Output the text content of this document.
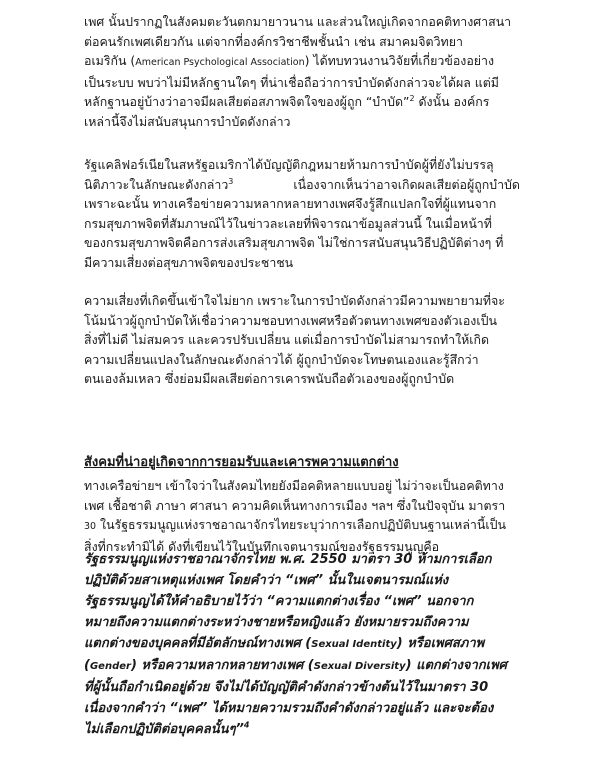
เพศ นั้นปรากฏในสังคมตะวันตกมายาวนาน และส่วนใหญ่เกิดจากอคติทางศาสนา
ต่อคนรักเพศเดียวกัน แต่จากที่องค์กรวิชาชีพชั้นนำ เช่น สมาคมจิตวิทยา
อเมริกัน (American Psychological Association) ได้ทบทวนงานวิจัยที่เกี่ยวข้องอย่าง
เป็นระบบ พบว่าไม่มีหลักฐานใดๆ ที่น่าเชื่อถือว่าการบำบัดดังกล่าวจะได้ผล แต่มี
หลักฐานอยู่บ้างว่าอาจมีผลเสียต่อสภาพจิตใจของผู้ถูก “บำบัด”$^2$ ดังนั้น องค์กร
เหล่านี้จึงไม่สนับสนุนการบำบัดดังกล่าว

รัฐแคลิฟอร์เนียในสหรัฐอเมริกาได้บัญญัติกฎหมายห้ามการบำบัดผู้ที่ยังไม่บรรลุ
นิติภาวะในลักษณะดังกล่าว$^3$	เนื่องจากเห็นว่าอาจเกิดผลเสียต่อผู้ถูกบำบัด
เพราะฉะนั้น ทางเครือข่ายความหลากหลายทางเพศจึงรู้สึกแปลกใจที่ผู้แทนจาก
กรมสุขภาพจิตที่สัมภาษณ์ไว้ในข่าวละเลยที่พิจารณาข้อมูลส่วนนี้ ในเมื่อหน้าที่
ของกรมสุขภาพจิตคือการส่งเสริมสุขภาพจิต ไม่ใช่การสนับสนุนวิธีปฏิบัติต่างๆ ที่
มีความเสี่ยงต่อสุขภาพจิตของประชาชน

ความเสี่ยงที่เกิดขึ้นเข้าใจไม่ยาก เพราะในการบำบัดดังกล่าวมีความพยายามที่จะ
โน้มน้าวผู้ถูกบำบัดให้เชื่อว่าความชอบทางเพศหรือตัวตนทางเพศของตัวเองเป็น
สิ่งที่ไม่ดี ไม่สมควร และควรปรับเปลี่ยน แต่เมื่อการบำบัดไม่สามารถทำให้เกิด
ความเปลี่ยนแปลงในลักษณะดังกล่าวได้ ผู้ถูกบำบัดจะโทษตนเองและรู้สึกว่า
ตนเองล้มเหลว ซึ่งย่อมมีผลเสียต่อการเคารพนับถือตัวเองของผู้ถูกบำบัด

สังคมที่น่าอยู่เกิดจากการยอมรับและเคารพความแตกต่าง

ทางเครือข่ายฯ เข้าใจว่าในสังคมไทยยังมีอคติหลายแบบอยู่ ไม่ว่าจะเป็นอคติทาง
เพศ เชื้อชาติ ภาษา ศาสนา ความคิดเห็นทางการเมือง ฯลฯ ซึ่งในปัจจุบัน มาตรา
30 ในรัฐธรรมนูญแห่งราชอาณาจักรไทยระบุว่าการเลือกปฏิบัติบนฐานเหล่านี้เป็น
สิ่งที่กระทำมิได้ ดังที่เขียนไว้ในบันทึกเจตนารมณ์ของรัฐธรรมนูญคือ

รัฐธรรมนูญแห่งราชอาณาจักรไทย พ.ศ. 2550 มาตรา 30 ห้ามการเลือก
ปฏิบัติด้วยสาเหตุแห่งเพศ โดยคำว่า “เพศ” นั้นในเจตนารมณ์แห่ง
รัฐธรรมนูญได้ให้คำอธิบายไว้ว่า “ความแตกต่างเรื่อง “เพศ” นอกจาก
หมายถึงความแตกต่างระหว่างชายหรือหญิงแล้ว ยังหมายรวมถึงความ
แตกต่างของบุคคลที่มีอัตลักษณ์ทางเพศ (Sexual Identity) หรือเพศสภาพ
(Gender) หรือความหลากหลายทางเพศ (Sexual Diversity) แตกต่างจากเพศ
ที่ผู้นั้นถือกำเนิดอยู่ด้วย จึงไม่ได้บัญญัติคำดังกล่าวข้างต้นไว้ในมาตรา 30
เนื่องจากคำว่า “เพศ” ได้หมายความรวมถึงคำดังกล่าวอยู่แล้ว และจะต้อง
ไม่เลือกปฏิบัติต่อบุคคลนั้นๆ”$^4$
